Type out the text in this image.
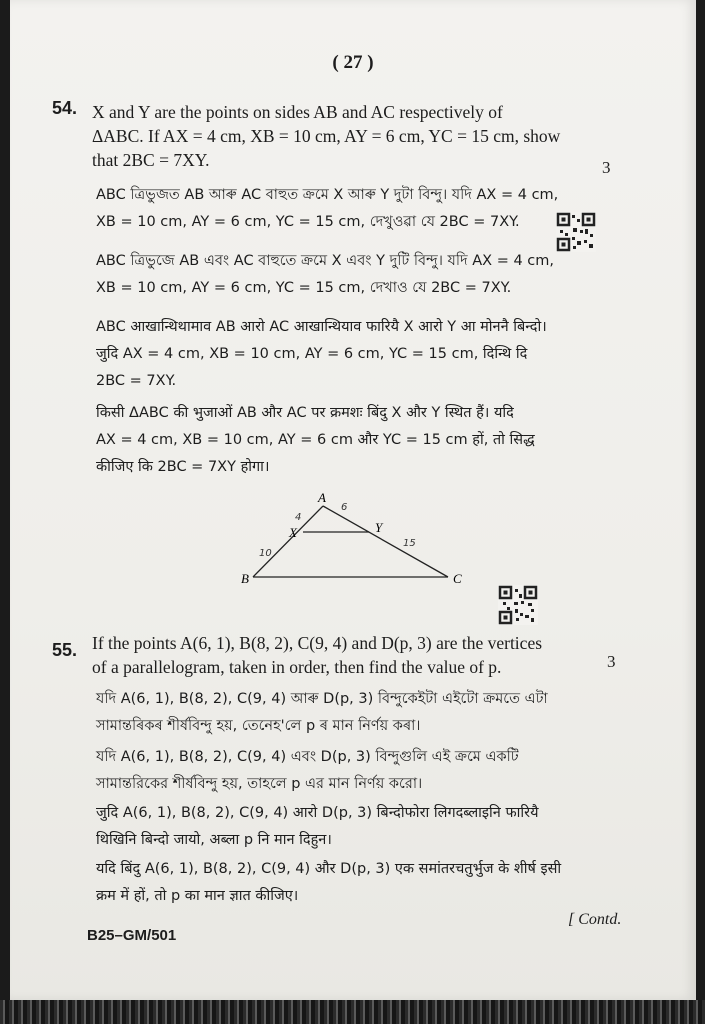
( 27 )
54. X and Y are the points on sides AB and AC respectively of
ΔABC. If AX = 4 cm, XB = 10 cm, AY = 6 cm, YC = 15 cm, show
that 2BC = 7XY.	3
ABC ত্ৰিভুজত AB আৰু AC বাহুত ক্ৰমে X আৰু Y দুটা বিন্দু। যদি AX = 4 cm,
XB = 10 cm, AY = 6 cm, YC = 15 cm, দেখুওৱা যে 2BC = 7XY.
ABC ত্রিভুজে AB এবং AC বাহুতে ক্রমে X এবং Y দুটি বিন্দু। যদি AX = 4 cm,
XB = 10 cm, AY = 6 cm, YC = 15 cm, দেখাও যে 2BC = 7XY.
ABC आखान्थिथामाव AB आरो AC आखान्थियाव फारियै X आरो Y आ मोननै बिन्दो।
जुदि AX = 4 cm, XB = 10 cm, AY = 6 cm, YC = 15 cm, दिन्थि दि
2BC = 7XY.
किसी ΔABC की भुजाओं AB और AC पर क्रमशः बिंदु X और Y स्थित हैं। यदि
AX = 4 cm, XB = 10 cm, AY = 6 cm और YC = 15 cm हों, तो सिद्ध
कीजिए कि 2BC = 7XY होगा।
A
B	C
X	Y
4
6
10
15
55. If the points A(6, 1), B(8, 2), C(9, 4) and D(p, 3) are the vertices
of a parallelogram, taken in order, then find the value of p.	3
যদি A(6, 1), B(8, 2), C(9, 4) আৰু D(p, 3) বিন্দুকেইটা এইটো ক্ৰমতে এটা
সামান্তৰিকৰ শীৰ্ষবিন্দু হয়, তেনেহ'লে p ৰ মান নিৰ্ণয় কৰা।
যদি A(6, 1), B(8, 2), C(9, 4) এবং D(p, 3) বিন্দুগুলি এই ক্রমে একটি
সামান্তরিকের শীর্ষবিন্দু হয়, তাহলে p এর মান নির্ণয় করো।
जुदि A(6, 1), B(8, 2), C(9, 4) आरो D(p, 3) बिन्दोफोरा लिगदब्लाइनि फारियै
थिखिनि बिन्दो जायो, अब्ला p नि मान दिहुन।
यदि बिंदु A(6, 1), B(8, 2), C(9, 4) और D(p, 3) एक समांतरचतुर्भुज के शीर्ष इसी
क्रम में हों, तो p का मान ज्ञात कीजिए।
[ Contd.
B25–GM/501
